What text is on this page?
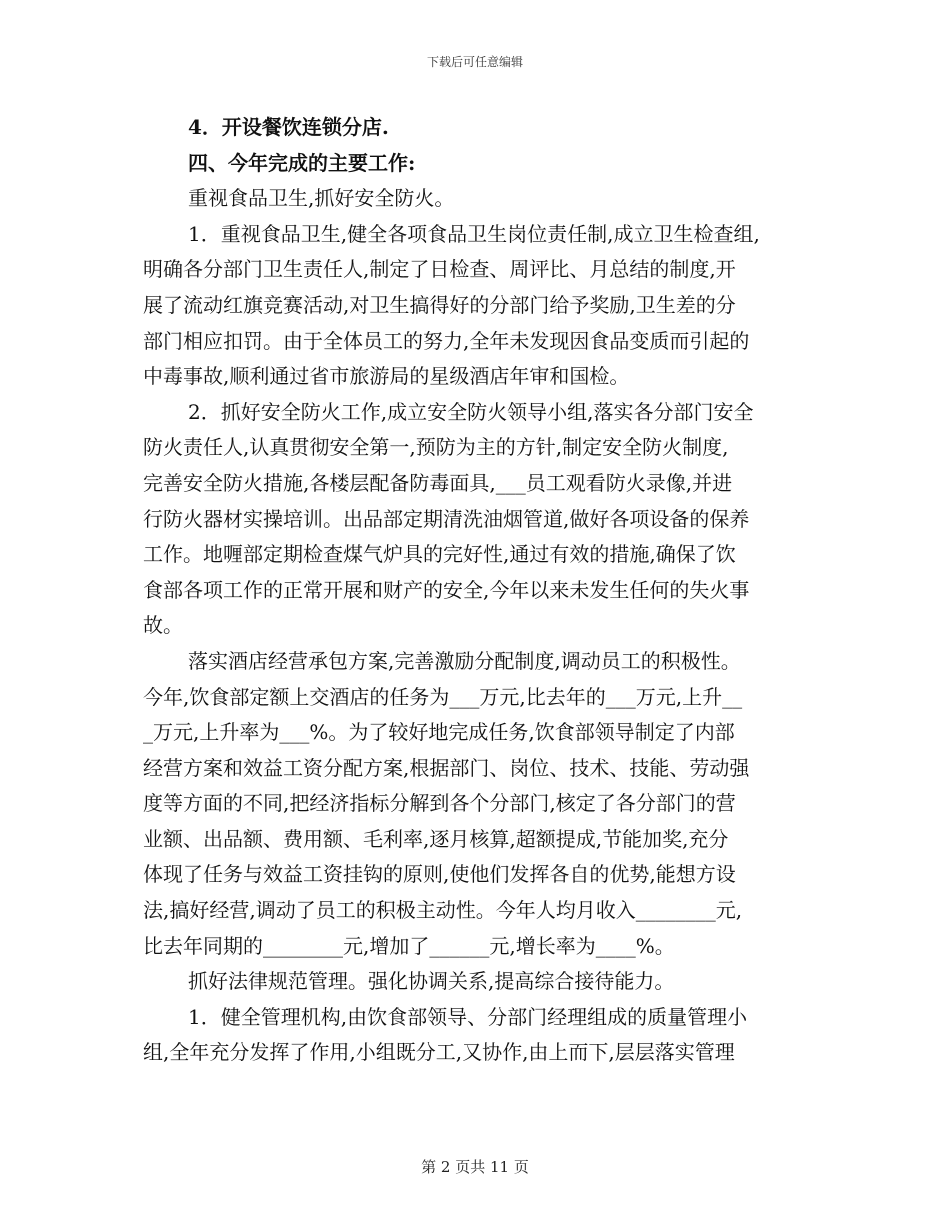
下载后可任意编辑
4．开设餐饮连锁分店.
四、今年完成的主要工作:
重视食品卫生,抓好安全防火。
1．重视食品卫生,健全各项食品卫生岗位责任制,成立卫生检查组,
明确各分部门卫生责任人,制定了日检查、周评比、月总结的制度,开
展了流动红旗竞赛活动,对卫生搞得好的分部门给予奖励,卫生差的分
部门相应扣罚。由于全体员工的努力,全年未发现因食品变质而引起的
中毒事故,顺利通过省市旅游局的星级酒店年审和国检。
2．抓好安全防火工作,成立安全防火领导小组,落实各分部门安全
防火责任人,认真贯彻安全第一,预防为主的方针,制定安全防火制度,
完善安全防火措施,各楼层配备防毒面具,___员工观看防火录像,并进
行防火器材实操培训。出品部定期清洗油烟管道,做好各项设备的保养
工作。地喱部定期检查煤气炉具的完好性,通过有效的措施,确保了饮
食部各项工作的正常开展和财产的安全,今年以来未发生任何的失火事
故。
落实酒店经营承包方案,完善激励分配制度,调动员工的积极性。
今年,饮食部定额上交酒店的任务为___万元,比去年的___万元,上升__
_万元,上升率为___%。为了较好地完成任务,饮食部领导制定了内部
经营方案和效益工资分配方案,根据部门、岗位、技术、技能、劳动强
度等方面的不同,把经济指标分解到各个分部门,核定了各分部门的营
业额、出品额、费用额、毛利率,逐月核算,超额提成,节能加奖,充分
体现了任务与效益工资挂钩的原则,使他们发挥各自的优势,能想方设
法,搞好经营,调动了员工的积极主动性。今年人均月收入________元,
比去年同期的________元,增加了______元,增长率为____%。
抓好法律规范管理。强化协调关系,提高综合接待能力。
1．健全管理机构,由饮食部领导、分部门经理组成的质量管理小
组,全年充分发挥了作用,小组既分工,又协作,由上而下,层层落实管理
第 2 页共 11 页
